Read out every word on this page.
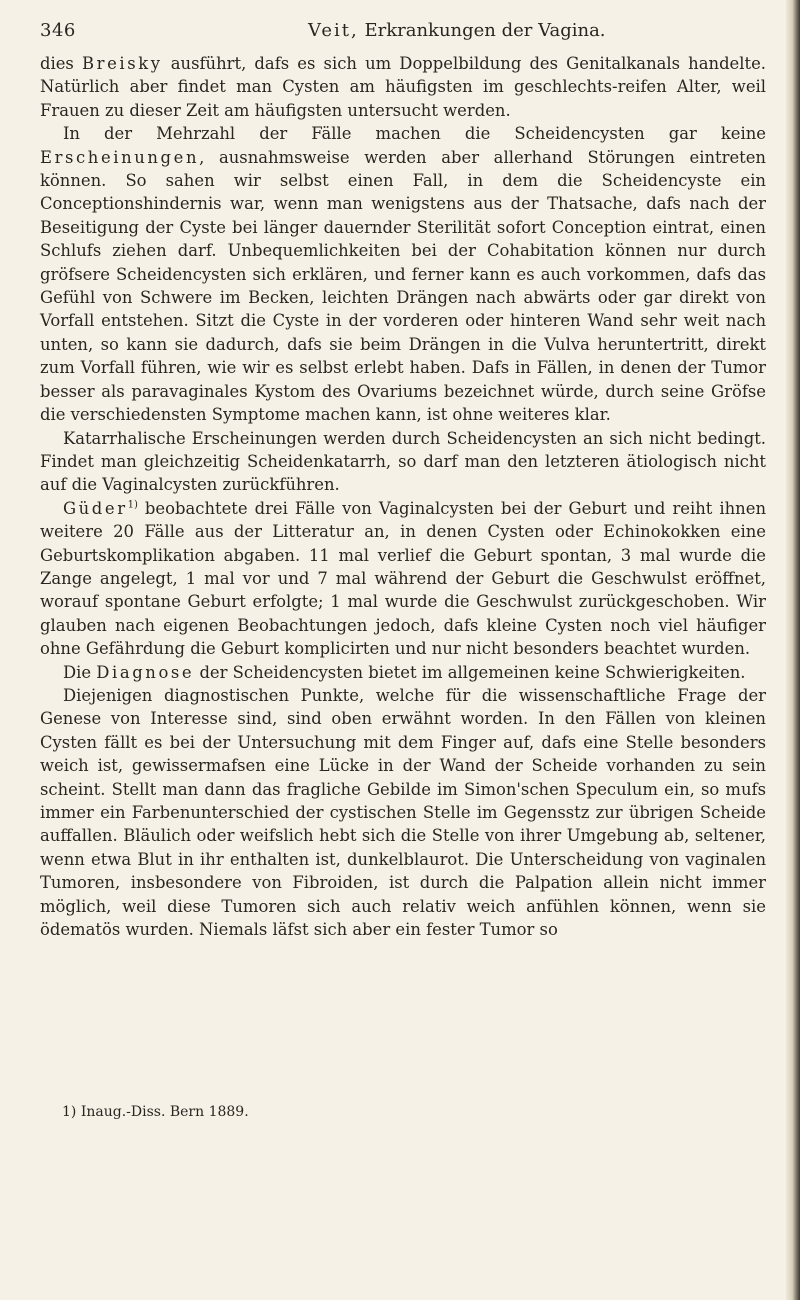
346	Veit, Erkrankungen der Vagina.

dies Breisky ausführt, dafs es sich um Doppelbildung des Genitalkanals handelte. Natürlich aber findet man Cysten am häufigsten im geschlechts-reifen Alter, weil Frauen zu dieser Zeit am häufigsten untersucht werden.

In der Mehrzahl der Fälle machen die Scheidencysten gar keine Erscheinungen, ausnahmsweise werden aber allerhand Störungen eintreten können. So sahen wir selbst einen Fall, in dem die Scheidencyste ein Conceptionshindernis war, wenn man wenigstens aus der Thatsache, dafs nach der Beseitigung der Cyste bei länger dauernder Sterilität sofort Conception eintrat, einen Schlufs ziehen darf. Unbequemlichkeiten bei der Cohabitation können nur durch gröfsere Scheidencysten sich erklären, und ferner kann es auch vorkommen, dafs das Gefühl von Schwere im Becken, leichten Drängen nach abwärts oder gar direkt von Vorfall entstehen. Sitzt die Cyste in der vorderen oder hinteren Wand sehr weit nach unten, so kann sie dadurch, dafs sie beim Drängen in die Vulva heruntertritt, direkt zum Vorfall führen, wie wir es selbst erlebt haben. Dafs in Fällen, in denen der Tumor besser als paravaginales Kystom des Ovariums bezeichnet würde, durch seine Gröfse die verschiedensten Symptome machen kann, ist ohne weiteres klar.

Katarrhalische Erscheinungen werden durch Scheidencysten an sich nicht bedingt. Findet man gleichzeitig Scheidenkatarrh, so darf man den letzteren ätiologisch nicht auf die Vaginalcysten zurückführen.

Güder$^{1)}$ beobachtete drei Fälle von Vaginalcysten bei der Geburt und reiht ihnen weitere 20 Fälle aus der Litteratur an, in denen Cysten oder Echinokokken eine Geburtskomplikation abgaben. 11 mal verlief die Geburt spontan, 3 mal wurde die Zange angelegt, 1 mal vor und 7 mal während der Geburt die Geschwulst eröffnet, worauf spontane Geburt erfolgte; 1 mal wurde die Geschwulst zurückgeschoben. Wir glauben nach eigenen Beobachtungen jedoch, dafs kleine Cysten noch viel häufiger ohne Gefährdung die Geburt komplicirten und nur nicht besonders beachtet wurden.

Die Diagnose der Scheidencysten bietet im allgemeinen keine Schwierigkeiten.

Diejenigen diagnostischen Punkte, welche für die wissenschaftliche Frage der Genese von Interesse sind, sind oben erwähnt worden. In den Fällen von kleinen Cysten fällt es bei der Untersuchung mit dem Finger auf, dafs eine Stelle besonders weich ist, gewissermafsen eine Lücke in der Wand der Scheide vorhanden zu sein scheint. Stellt man dann das fragliche Gebilde im Simon'schen Speculum ein, so mufs immer ein Farbenunterschied der cystischen Stelle im Gegensstz zur übrigen Scheide auffallen. Bläulich oder weifslich hebt sich die Stelle von ihrer Umgebung ab, seltener, wenn etwa Blut in ihr enthalten ist, dunkelblaurot. Die Unterscheidung von vaginalen Tumoren, insbesondere von Fibroiden, ist durch die Palpation allein nicht immer möglich, weil diese Tumoren sich auch relativ weich anfühlen können, wenn sie ödematös wurden. Niemals läfst sich aber ein fester Tumor so

1) Inaug.-Diss. Bern 1889.
